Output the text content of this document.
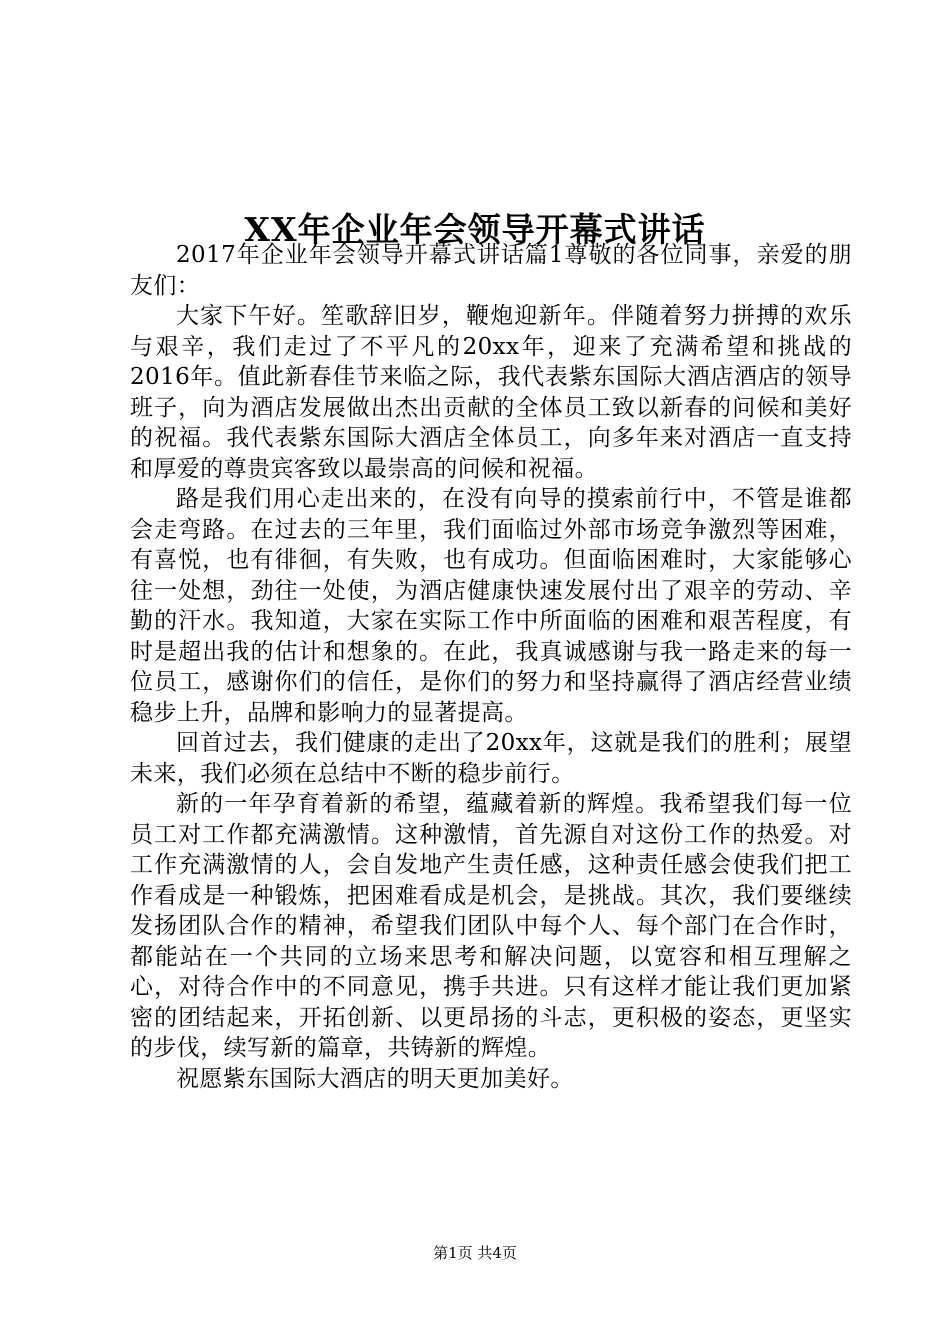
XX年企业年会领导开幕式讲话

2017年企业年会领导开幕式讲话篇1尊敬的各位同事，亲爱的朋友们：

大家下午好。笙歌辞旧岁，鞭炮迎新年。伴随着努力拼搏的欢乐与艰辛，我们走过了不平凡的20xx年，迎来了充满希望和挑战的2016年。值此新春佳节来临之际，我代表紫东国际大酒店酒店的领导班子，向为酒店发展做出杰出贡献的全体员工致以新春的问候和美好的祝福。我代表紫东国际大酒店全体员工，向多年来对酒店一直支持和厚爱的尊贵宾客致以最崇高的问候和祝福。

路是我们用心走出来的，在没有向导的摸索前行中，不管是谁都会走弯路。在过去的三年里，我们面临过外部市场竞争激烈等困难，有喜悦，也有徘徊，有失败，也有成功。但面临困难时，大家能够心往一处想，劲往一处使，为酒店健康快速发展付出了艰辛的劳动、辛勤的汗水。我知道，大家在实际工作中所面临的困难和艰苦程度，有时是超出我的估计和想象的。在此，我真诚感谢与我一路走来的每一位员工，感谢你们的信任，是你们的努力和坚持赢得了酒店经营业绩稳步上升，品牌和影响力的显著提高。

回首过去，我们健康的走出了20xx年，这就是我们的胜利；展望未来，我们必须在总结中不断的稳步前行。

新的一年孕育着新的希望，蕴藏着新的辉煌。我希望我们每一位员工对工作都充满激情。这种激情，首先源自对这份工作的热爱。对工作充满激情的人，会自发地产生责任感，这种责任感会使我们把工作看成是一种锻炼，把困难看成是机会，是挑战。其次，我们要继续发扬团队合作的精神，希望我们团队中每个人、每个部门在合作时，都能站在一个共同的立场来思考和解决问题，以宽容和相互理解之心，对待合作中的不同意见，携手共进。只有这样才能让我们更加紧密的团结起来，开拓创新、以更昂扬的斗志，更积极的姿态，更坚实的步伐，续写新的篇章，共铸新的辉煌。

祝愿紫东国际大酒店的明天更加美好。

第1页 共4页
